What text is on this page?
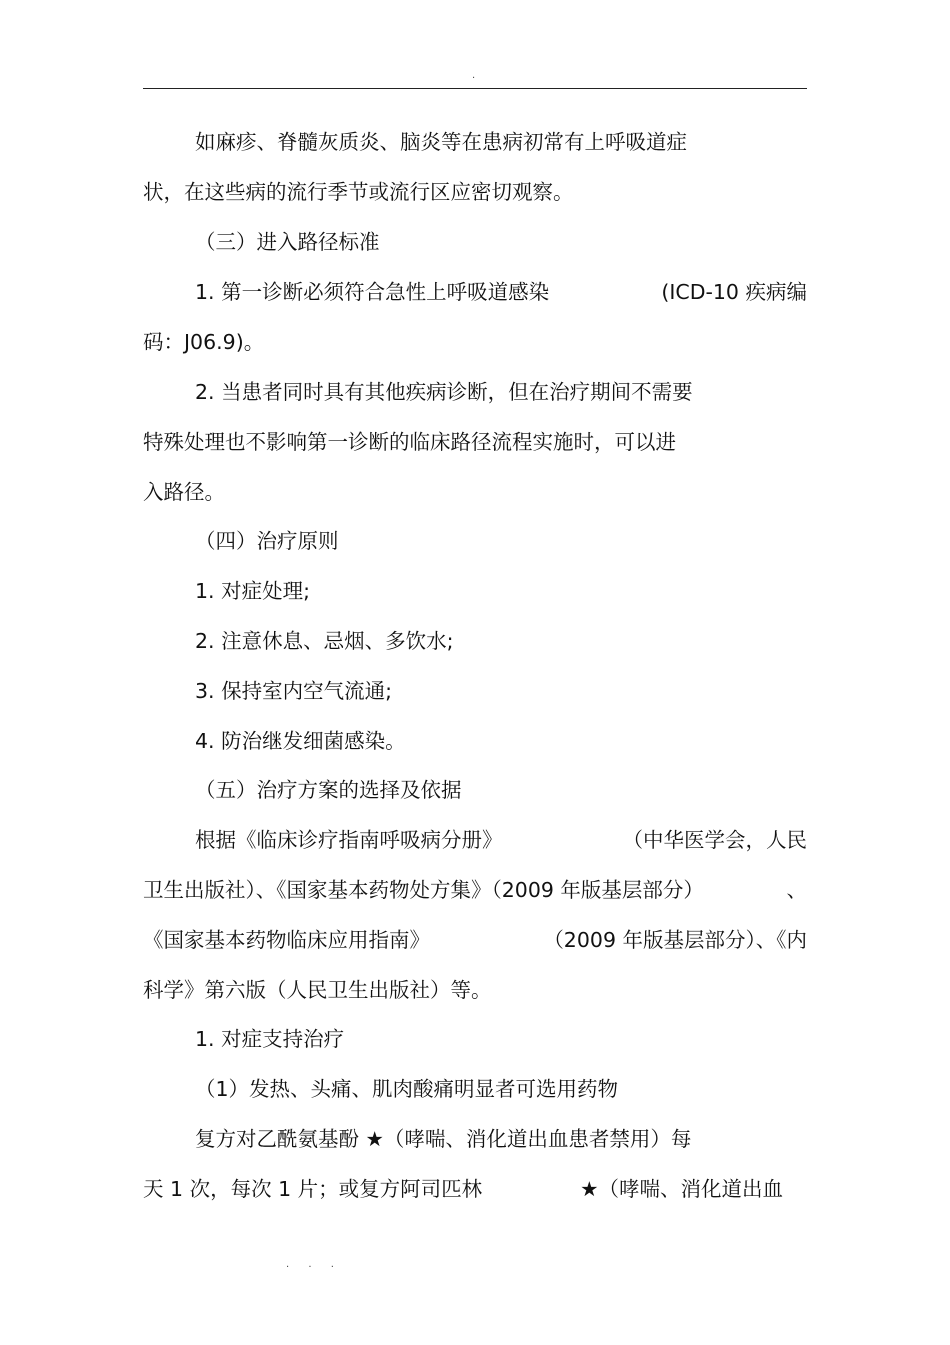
·
如麻疹、脊髓灰质炎、脑炎等在患病初常有上呼吸道症
状，在这些病的流行季节或流行区应密切观察。
（三）进入路径标准
1. 第一诊断必须符合急性上呼吸道感染	(ICD-10 疾病编
码：J06.9)。
2. 当患者同时具有其他疾病诊断，但在治疗期间不需要
特殊处理也不影响第一诊断的临床路径流程实施时，可以进
入路径。
（四）治疗原则
1. 对症处理;
2. 注意休息、忌烟、多饮水;
3. 保持室内空气流通;
4. 防治继发细菌感染。
（五）治疗方案的选择及依据
根据《临床诊疗指南呼吸病分册》	（中华医学会，人民
卫生出版社）、《国家基本药物处方集》（2009 年版基层部分）	、
《国家基本药物临床应用指南》	（2009 年版基层部分）、《内
科学》第六版（人民卫生出版社）等。
1. 对症支持治疗
（1）发热、头痛、肌肉酸痛明显者可选用药物
复方对乙酰氨基酚 ★（哮喘、消化道出血患者禁用）每
天 1 次，每次 1 片；或复方阿司匹林	★（哮喘、消化道出血
· · ·
